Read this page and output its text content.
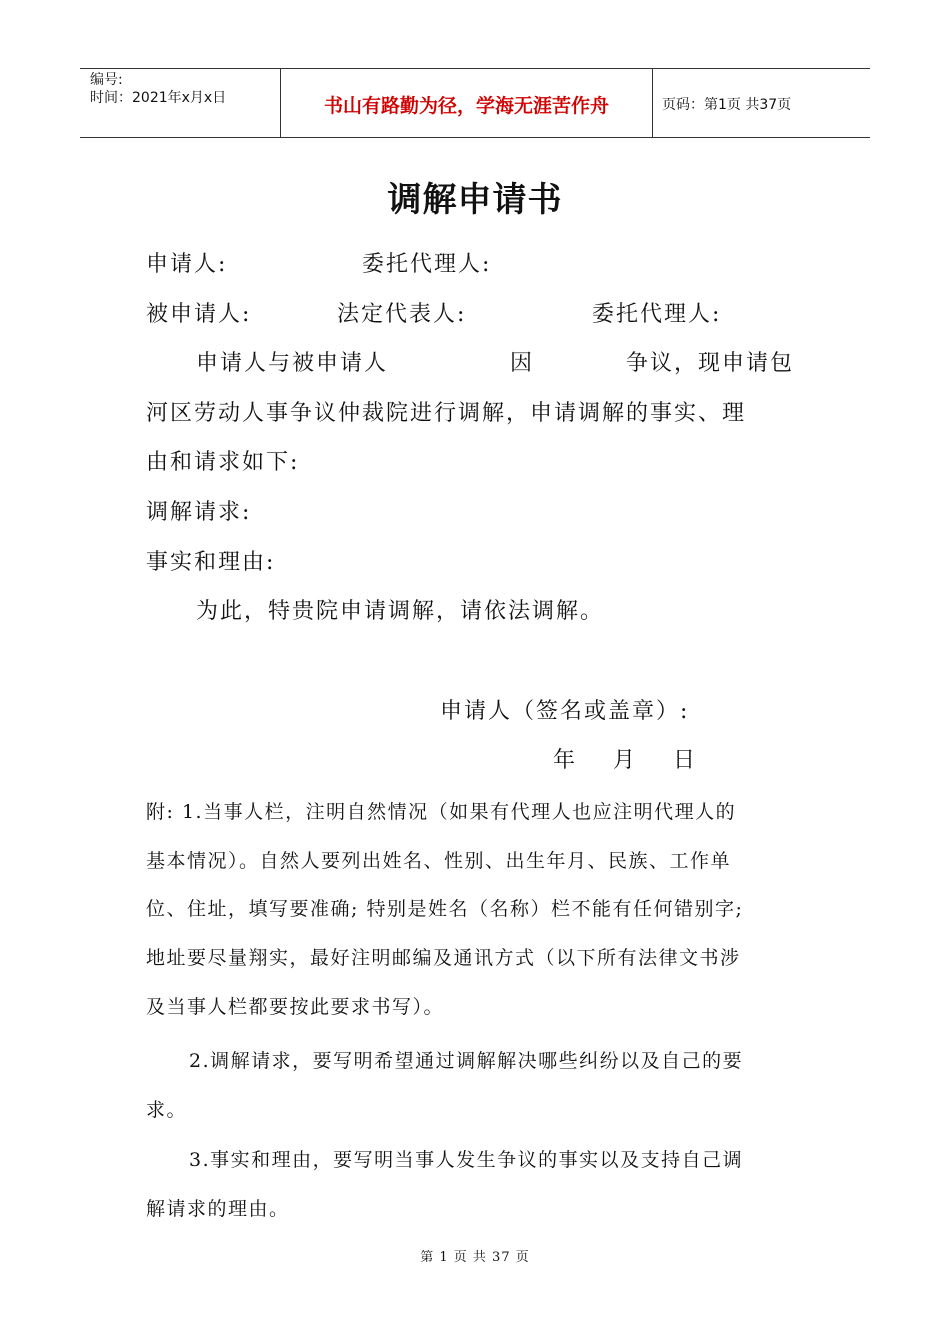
编号:
时间：2021年x月x日	书山有路勤为径，学海无涯苦作舟	页码：第1页 共37页
调解申请书
申请人:	委托代理人:
被申请人:	法定代表人:	委托代理人:
申请人与被申请人	因	争议，现申请包
河区劳动人事争议仲裁院进行调解，申请调解的事实、理
由和请求如下:
调解请求:
事实和理由:
为此，特贵院申请调解，请依法调解。
申请人（签名或盖章）:
年    月    日
附: 1.当事人栏，注明自然情况（如果有代理人也应注明代理人的
基本情况）。自然人要列出姓名、性别、出生年月、民族、工作单
位、住址，填写要准确; 特别是姓名（名称）栏不能有任何错别字;
地址要尽量翔实，最好注明邮编及通讯方式（以下所有法律文书涉
及当事人栏都要按此要求书写）。
2.调解请求，要写明希望通过调解解决哪些纠纷以及自己的要
求。
3.事实和理由，要写明当事人发生争议的事实以及支持自己调
解请求的理由。
第 1 页 共 37 页
